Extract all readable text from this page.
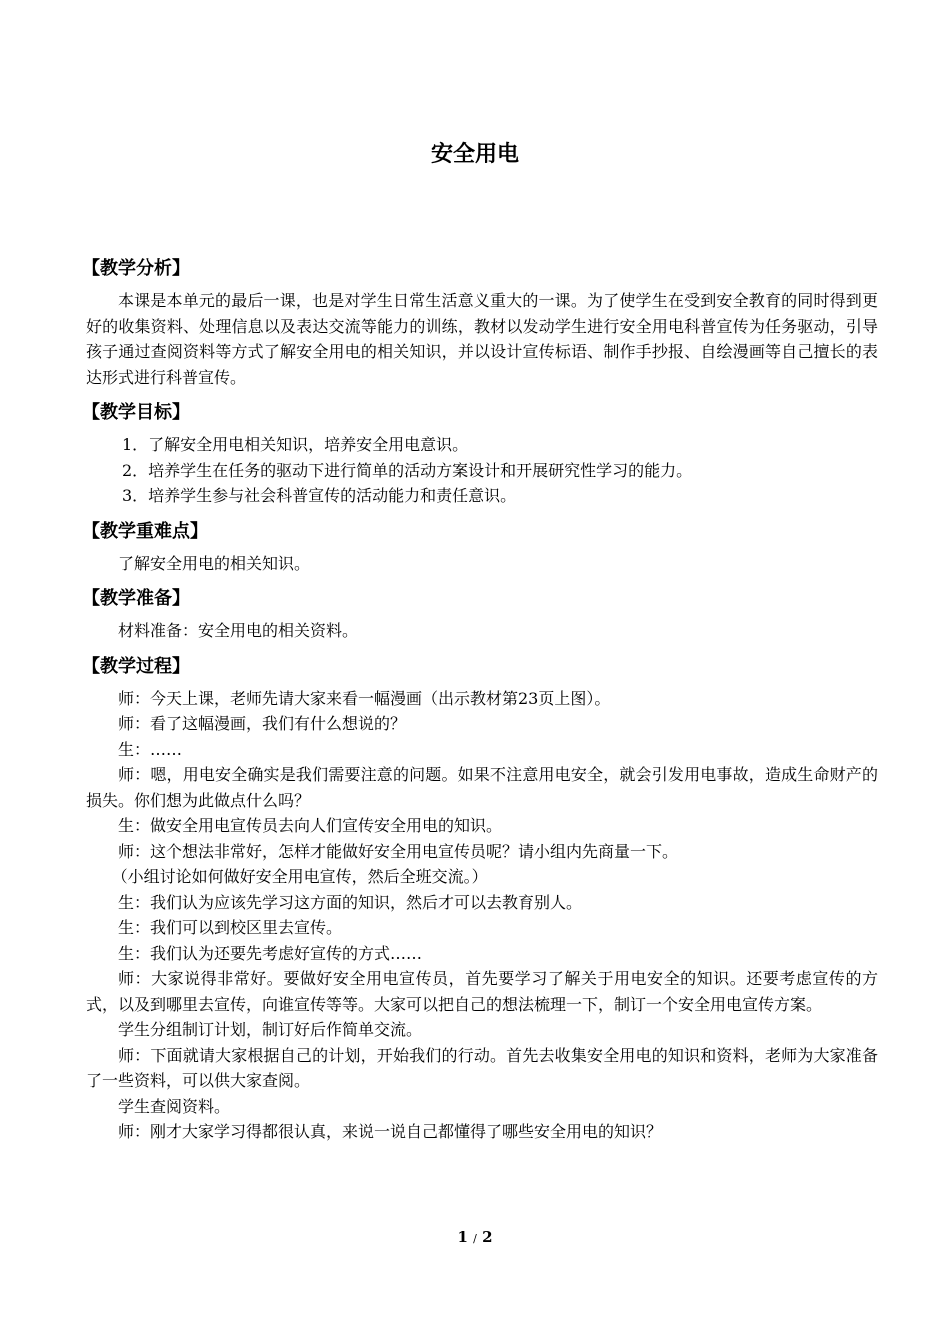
安全用电
【教学分析】

本课是本单元的最后一课，也是对学生日常生活意义重大的一课。为了使学生在受到安全教育的同时得到更好的收集资料、处理信息以及表达交流等能力的训练，教材以发动学生进行安全用电科普宣传为任务驱动，引导孩子通过查阅资料等方式了解安全用电的相关知识，并以设计宣传标语、制作手抄报、自绘漫画等自己擅长的表达形式进行科普宣传。

【教学目标】

1．了解安全用电相关知识，培养安全用电意识。

2．培养学生在任务的驱动下进行简单的活动方案设计和开展研究性学习的能力。

3．培养学生参与社会科普宣传的活动能力和责任意识。

【教学重难点】

了解安全用电的相关知识。

【教学准备】

材料准备：安全用电的相关资料。

【教学过程】

师：今天上课，老师先请大家来看一幅漫画（出示教材第23页上图）。

师：看了这幅漫画，我们有什么想说的？

生：……

师：嗯，用电安全确实是我们需要注意的问题。如果不注意用电安全，就会引发用电事故，造成生命财产的损失。你们想为此做点什么吗？

生：做安全用电宣传员去向人们宣传安全用电的知识。

师：这个想法非常好，怎样才能做好安全用电宣传员呢？请小组内先商量一下。

（小组讨论如何做好安全用电宣传，然后全班交流。）

生：我们认为应该先学习这方面的知识，然后才可以去教育别人。

生：我们可以到校区里去宣传。

生：我们认为还要先考虑好宣传的方式……

师：大家说得非常好。要做好安全用电宣传员，首先要学习了解关于用电安全的知识。还要考虑宣传的方式，以及到哪里去宣传，向谁宣传等等。大家可以把自己的想法梳理一下，制订一个安全用电宣传方案。

学生分组制订计划，制订好后作简单交流。

师：下面就请大家根据自己的计划，开始我们的行动。首先去收集安全用电的知识和资料，老师为大家准备了一些资料，可以供大家查阅。

学生查阅资料。

师：刚才大家学习得都很认真，来说一说自己都懂得了哪些安全用电的知识？

1 / 2
